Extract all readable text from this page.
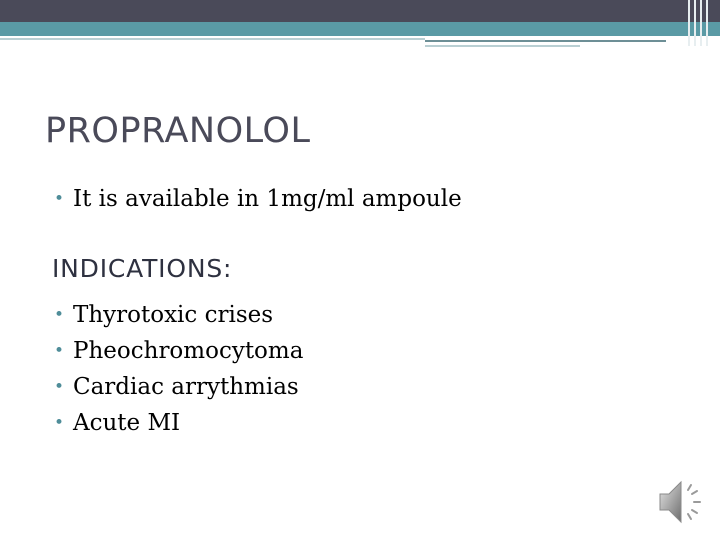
PROPRANOLOL
• It is available in 1mg/ml ampoule
INDICATIONS:
• Thyrotoxic crises
• Pheochromocytoma
• Cardiac arrythmias
• Acute MI
